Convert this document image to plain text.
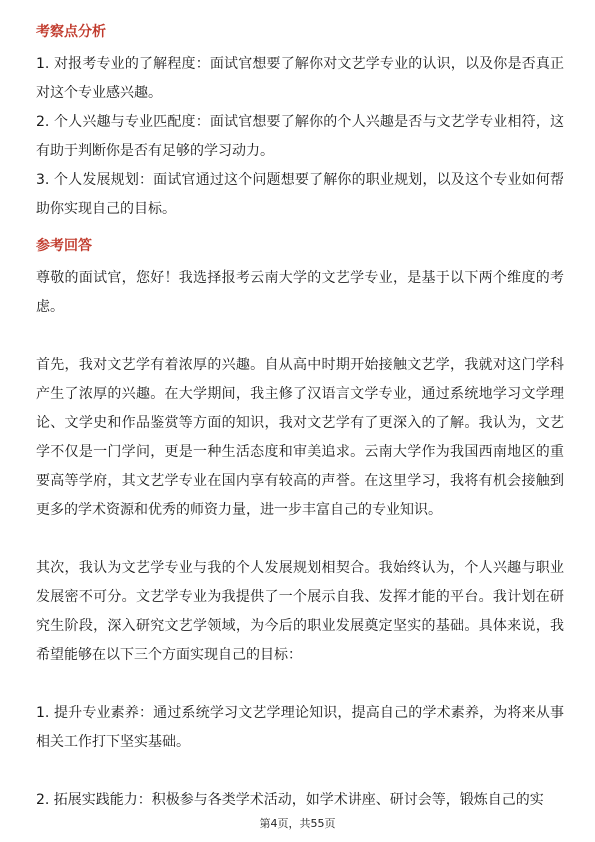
考察点分析

1. 对报考专业的了解程度：面试官想要了解你对文艺学专业的认识，以及你是否真正对这个专业感兴趣。

2. 个人兴趣与专业匹配度：面试官想要了解你的个人兴趣是否与文艺学专业相符，这有助于判断你是否有足够的学习动力。

3. 个人发展规划：面试官通过这个问题想要了解你的职业规划，以及这个专业如何帮助你实现自己的目标。

参考回答

尊敬的面试官，您好！我选择报考云南大学的文艺学专业，是基于以下两个维度的考虑。

首先，我对文艺学有着浓厚的兴趣。自从高中时期开始接触文艺学，我就对这门学科产生了浓厚的兴趣。在大学期间，我主修了汉语言文学专业，通过系统地学习文学理论、文学史和作品鉴赏等方面的知识，我对文艺学有了更深入的了解。我认为，文艺学不仅是一门学问，更是一种生活态度和审美追求。云南大学作为我国西南地区的重要高等学府，其文艺学专业在国内享有较高的声誉。在这里学习，我将有机会接触到更多的学术资源和优秀的师资力量，进一步丰富自己的专业知识。

其次，我认为文艺学专业与我的个人发展规划相契合。我始终认为，个人兴趣与职业发展密不可分。文艺学专业为我提供了一个展示自我、发挥才能的平台。我计划在研究生阶段，深入研究文艺学领域，为今后的职业发展奠定坚实的基础。具体来说，我希望能够在以下三个方面实现自己的目标：

1. 提升专业素养：通过系统学习文艺学理论知识，提高自己的学术素养，为将来从事相关工作打下坚实基础。

2. 拓展实践能力：积极参与各类学术活动，如学术讲座、研讨会等，锻炼自己的实

第4页，共55页
